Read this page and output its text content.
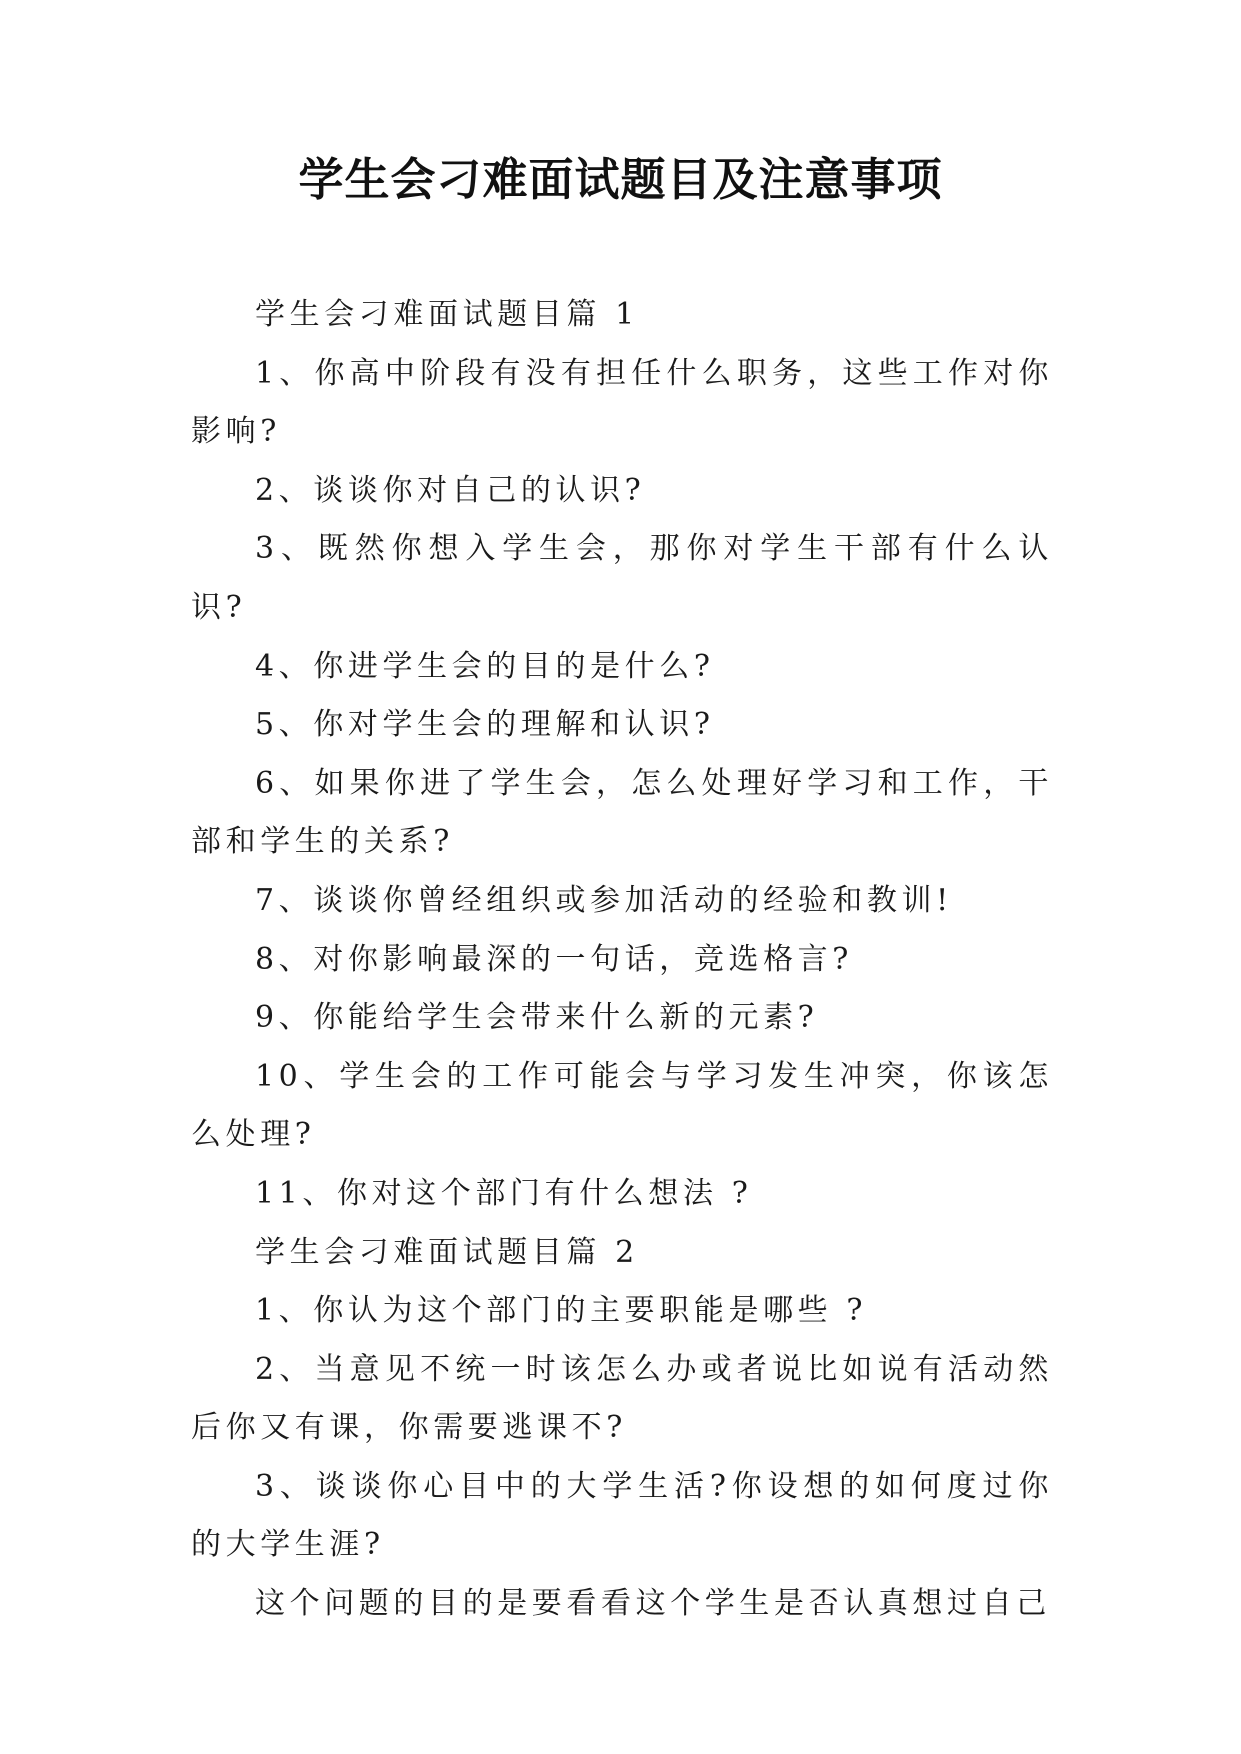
学生会刁难面试题目及注意事项

学生会刁难面试题目篇 1

1、你高中阶段有没有担任什么职务，这些工作对你影响?

2、谈谈你对自己的认识?

3、既然你想入学生会，那你对学生干部有什么认识?

4、你进学生会的目的是什么?

5、你对学生会的理解和认识?

6、如果你进了学生会，怎么处理好学习和工作，干部和学生的关系?

7、谈谈你曾经组织或参加活动的经验和教训!

8、对你影响最深的一句话，竞选格言?

9、你能给学生会带来什么新的元素?

10、学生会的工作可能会与学习发生冲突，你该怎么处理?

11、你对这个部门有什么想法 ?

学生会刁难面试题目篇 2

1、你认为这个部门的主要职能是哪些 ?

2、当意见不统一时该怎么办或者说比如说有活动然后你又有课，你需要逃课不?

3、谈谈你心目中的大学生活?你设想的如何度过你的大学生涯?

这个问题的目的是要看看这个学生是否认真想过自己
